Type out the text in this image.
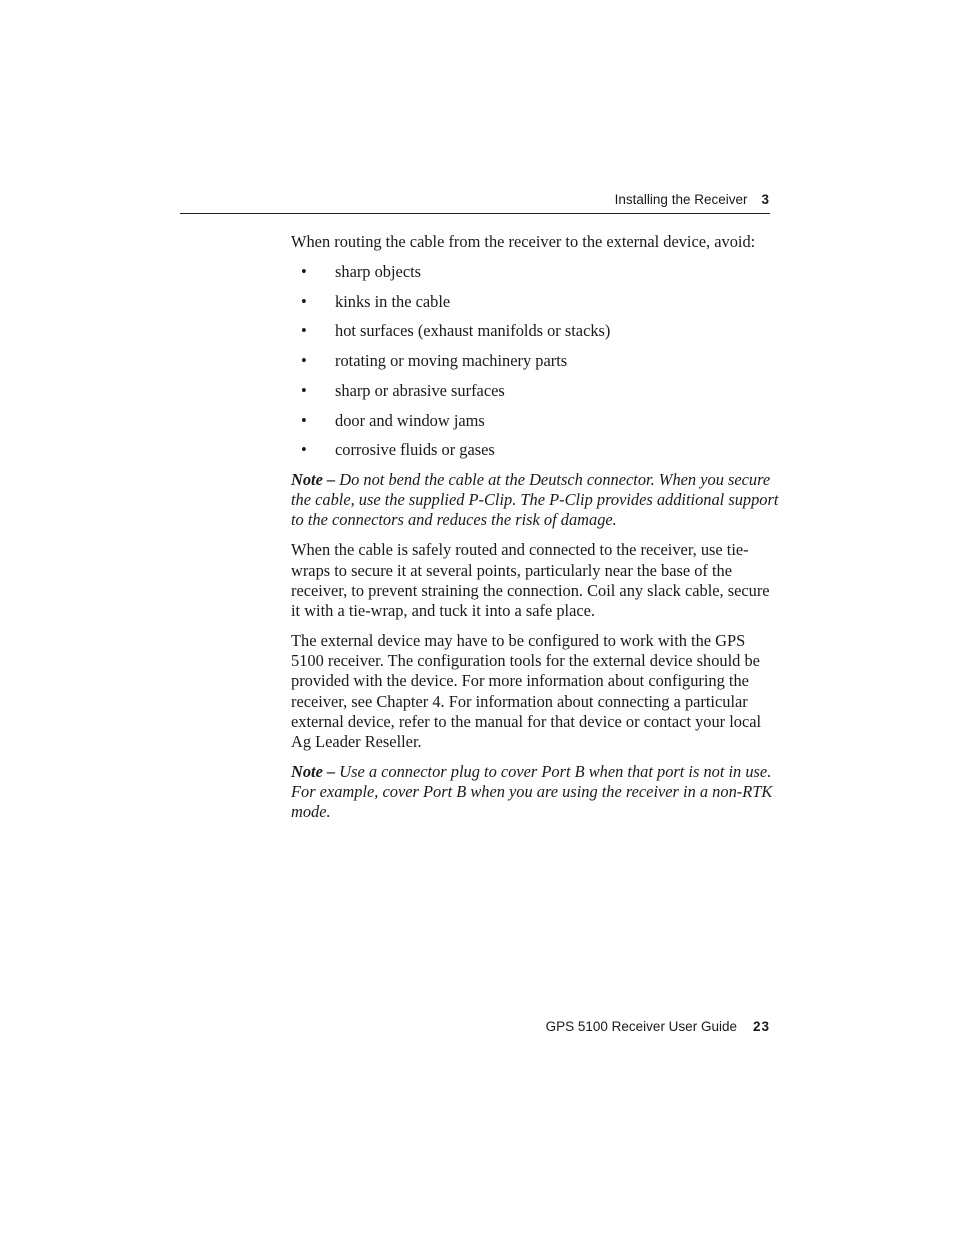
Installing the Receiver 3

When routing the cable from the receiver to the external device, avoid:

• sharp objects
• kinks in the cable
• hot surfaces (exhaust manifolds or stacks)
• rotating or moving machinery parts
• sharp or abrasive surfaces
• door and window jams
• corrosive fluids or gases

Note – Do not bend the cable at the Deutsch connector. When you secure the cable, use the supplied P-Clip. The P-Clip provides additional support to the connectors and reduces the risk of damage.

When the cable is safely routed and connected to the receiver, use tie-wraps to secure it at several points, particularly near the base of the receiver, to prevent straining the connection. Coil any slack cable, secure it with a tie-wrap, and tuck it into a safe place.

The external device may have to be configured to work with the GPS 5100 receiver. The configuration tools for the external device should be provided with the device. For more information about configuring the receiver, see Chapter 4. For information about connecting a particular external device, refer to the manual for that device or contact your local Ag Leader Reseller.

Note – Use a connector plug to cover Port B when that port is not in use. For example, cover Port B when you are using the receiver in a non-RTK mode.

GPS 5100 Receiver User Guide 23
